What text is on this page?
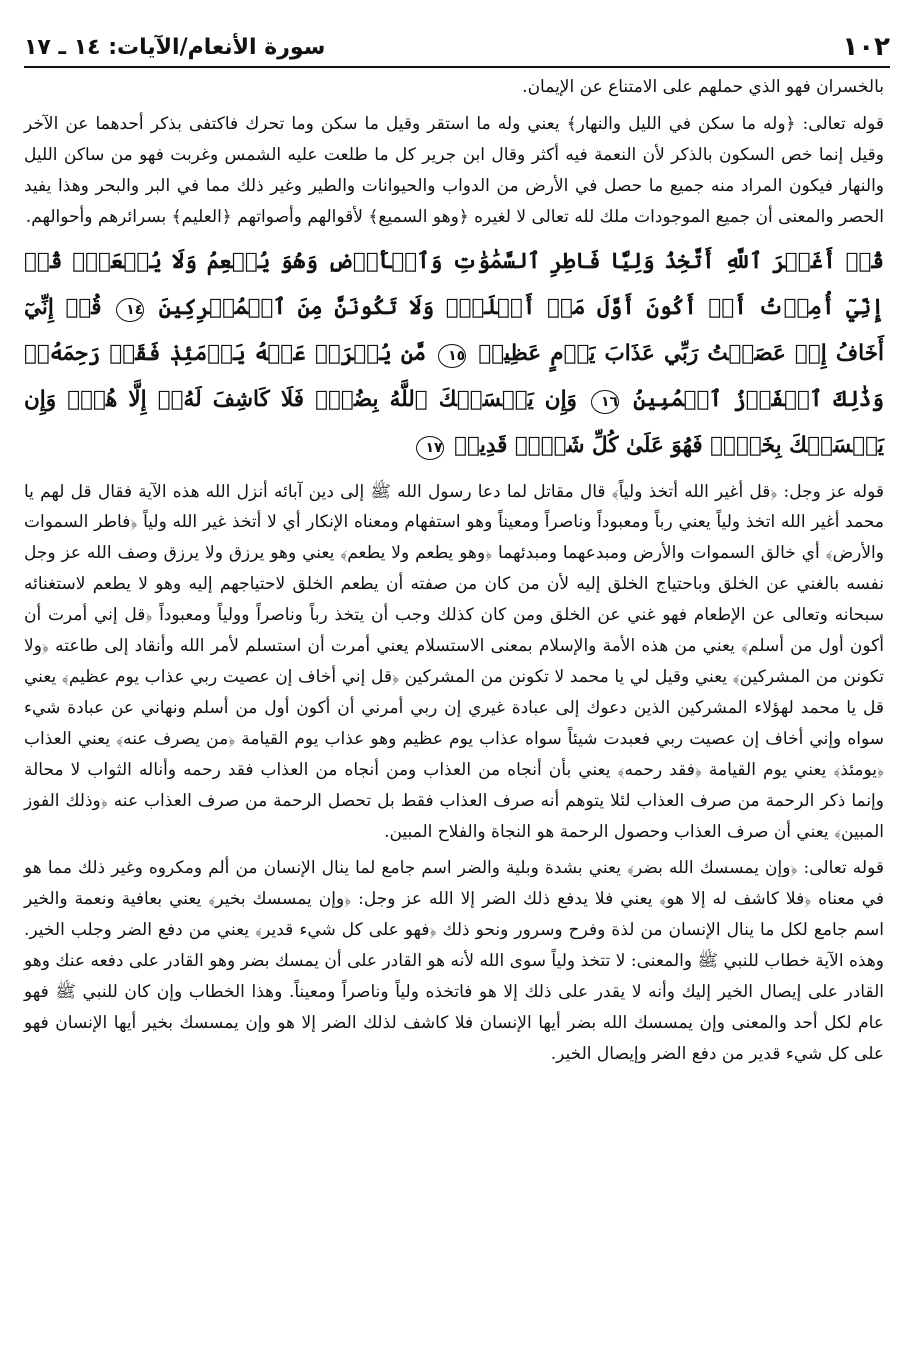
١٠٢
سورة الأنعام/الآيات: ١٤ ـ ١٧

بالخسران فهو الذي حملهم على الامتناع عن الإيمان.

قوله تعالى: ﴿وله ما سكن في الليل والنهار﴾ يعني وله ما استقر وقيل ما سكن وما تحرك فاكتفى بذكر أحدهما عن الآخر وقيل إنما خص السكون بالذكر لأن النعمة فيه أكثر وقال ابن جرير كل ما طلعت عليه الشمس وغربت فهو من ساكن الليل والنهار فيكون المراد منه جميع ما حصل في الأرض من الدواب والحيوانات والطير وغير ذلك مما في البر والبحر وهذا يفيد الحصر والمعنى أن جميع الموجودات ملك لله تعالى لا لغيره ﴿وهو السميع﴾ لأقوالهم وأصواتهم ﴿العليم﴾ بسرائرهم وأحوالهم.

قُلۡ أَغَيۡرَ ٱللَّهِ أَتَّخِذُ وَلِيّٗا فَاطِرِ ٱلسَّمَٰوَٰتِ وَٱلۡأَرۡضِ وَهُوَ يُطۡعِمُ وَلَا يُطۡعَمُۗ قُلۡ إِنِّيٓ أُمِرۡتُ أَنۡ أَكُونَ أَوَّلَ مَنۡ أَسۡلَمَۖ وَلَا تَكُونَنَّ مِنَ ٱلۡمُشۡرِكِينَ ١٤ قُلۡ إِنِّيٓ أَخَافُ إِنۡ عَصَيۡتُ رَبِّي عَذَابَ يَوۡمٍ عَظِيمٖ ١٥ مَّن يُصۡرَفۡ عَنۡهُ يَوۡمَئِذٖ فَقَدۡ رَحِمَهُۥۚ وَذَٰلِكَ ٱلۡفَوۡزُ ٱلۡمُبِينُ ١٦ وَإِن يَمۡسَسۡكَ ٱللَّهُ بِضُرّٖ فَلَا كَاشِفَ لَهُۥٓ إِلَّا هُوَۖ وَإِن يَمۡسَسۡكَ بِخَيۡرٖ فَهُوَ عَلَىٰ كُلِّ شَيۡءٖ قَدِيرٞ ١٧

قوله عز وجل: ﴿قل أغير الله أتخذ ولياً﴾ قال مقاتل لما دعا رسول الله ﷺ إلى دين آبائه أنزل الله هذه الآية فقال قل لهم يا محمد أغير الله اتخذ ولياً يعني رباً ومعبوداً وناصراً ومعيناً وهو استفهام ومعناه الإنكار أي لا أتخذ غير الله ولياً ﴿فاطر السموات والأرض﴾ أي خالق السموات والأرض ومبدعهما ومبدئهما ﴿وهو يطعم ولا يطعم﴾ يعني وهو يرزق ولا يرزق وصف الله عز وجل نفسه بالغني عن الخلق وباحتياج الخلق إليه لأن من كان من صفته أن يطعم الخلق لاحتياجهم إليه وهو لا يطعم لاستغنائه سبحانه وتعالى عن الإطعام فهو غني عن الخلق ومن كان كذلك وجب أن يتخذ رباً وناصراً وولياً ومعبوداً ﴿قل إني أمرت أن أكون أول من أسلم﴾ يعني من هذه الأمة والإسلام بمعنى الاستسلام يعني أمرت أن استسلم لأمر الله وأنقاد إلى طاعته ﴿ولا تكونن من المشركين﴾ يعني وقيل لي يا محمد لا تكونن من المشركين ﴿قل إني أخاف إن عصيت ربي عذاب يوم عظيم﴾ يعني قل يا محمد لهؤلاء المشركين الذين دعوك إلى عبادة غيري إن ربي أمرني أن أكون أول من أسلم ونهاني عن عبادة شيء سواه وإني أخاف إن عصيت ربي فعبدت شيئاً سواه عذاب يوم عظيم وهو عذاب يوم القيامة ﴿من يصرف عنه﴾ يعني العذاب ﴿يومئذ﴾ يعني يوم القيامة ﴿فقد رحمه﴾ يعني بأن أنجاه من العذاب ومن أنجاه من العذاب فقد رحمه وأناله الثواب لا محالة وإنما ذكر الرحمة من صرف العذاب لئلا يتوهم أنه صرف العذاب فقط بل تحصل الرحمة من صرف العذاب عنه ﴿وذلك الفوز المبين﴾ يعني أن صرف العذاب وحصول الرحمة هو النجاة والفلاح المبين.

قوله تعالى: ﴿وإن يمسسك الله بضر﴾ يعني بشدة وبلية والضر اسم جامع لما ينال الإنسان من ألم ومكروه وغير ذلك مما هو في معناه ﴿فلا كاشف له إلا هو﴾ يعني فلا يدفع ذلك الضر إلا الله عز وجل: ﴿وإن يمسسك بخير﴾ يعني بعافية ونعمة والخير اسم جامع لكل ما ينال الإنسان من لذة وفرح وسرور ونحو ذلك ﴿فهو على كل شيء قدير﴾ يعني من دفع الضر وجلب الخير. وهذه الآية خطاب للنبي ﷺ والمعنى: لا تتخذ ولياً سوى الله لأنه هو القادر على أن يمسك بضر وهو القادر على دفعه عنك وهو القادر على إيصال الخير إليك وأنه لا يقدر على ذلك إلا هو فاتخذه ولياً وناصراً ومعيناً. وهذا الخطاب وإن كان للنبي ﷺ فهو عام لكل أحد والمعنى وإن يمسسك الله بضر أيها الإنسان فلا كاشف لذلك الضر إلا هو وإن يمسسك بخير أيها الإنسان فهو على كل شيء قدير من دفع الضر وإيصال الخير.
